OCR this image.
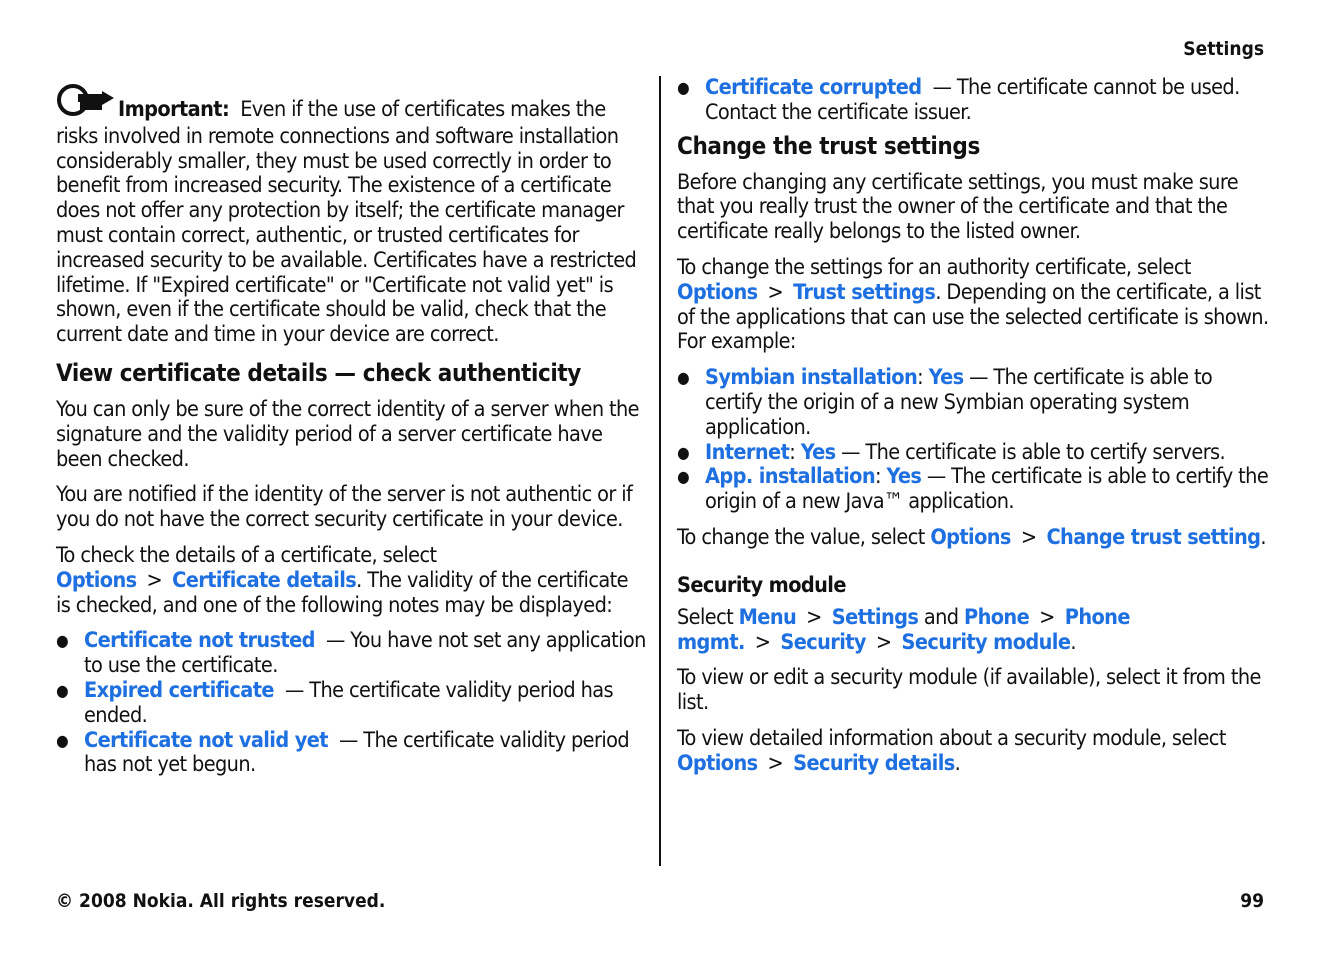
Settings

Important: Even if the use of certificates makes the risks involved in remote connections and software installation considerably smaller, they must be used correctly in order to benefit from increased security. The existence of a certificate does not offer any protection by itself; the certificate manager must contain correct, authentic, or trusted certificates for increased security to be available. Certificates have a restricted lifetime. If "Expired certificate" or "Certificate not valid yet" is shown, even if the certificate should be valid, check that the current date and time in your device are correct.

View certificate details — check authenticity

You can only be sure of the correct identity of a server when the signature and the validity period of a server certificate have been checked.

You are notified if the identity of the server is not authentic or if you do not have the correct security certificate in your device.

To check the details of a certificate, select Options > Certificate details. The validity of the certificate is checked, and one of the following notes may be displayed:

● Certificate not trusted — You have not set any application to use the certificate.
● Expired certificate — The certificate validity period has ended.
● Certificate not valid yet — The certificate validity period has not yet begun.
● Certificate corrupted — The certificate cannot be used. Contact the certificate issuer.
Change the trust settings

Before changing any certificate settings, you must make sure that you really trust the owner of the certificate and that the certificate really belongs to the listed owner.

To change the settings for an authority certificate, select Options > Trust settings. Depending on the certificate, a list of the applications that can use the selected certificate is shown. For example:

● Symbian installation: Yes — The certificate is able to certify the origin of a new Symbian operating system application.
● Internet: Yes — The certificate is able to certify servers.
● App. installation: Yes — The certificate is able to certify the origin of a new Java™ application.

To change the value, select Options > Change trust setting.

Security module

Select Menu > Settings and Phone > Phone mgmt. > Security > Security module.

To view or edit a security module (if available), select it from the list.

To view detailed information about a security module, select Options > Security details.

© 2008 Nokia. All rights reserved.	99
